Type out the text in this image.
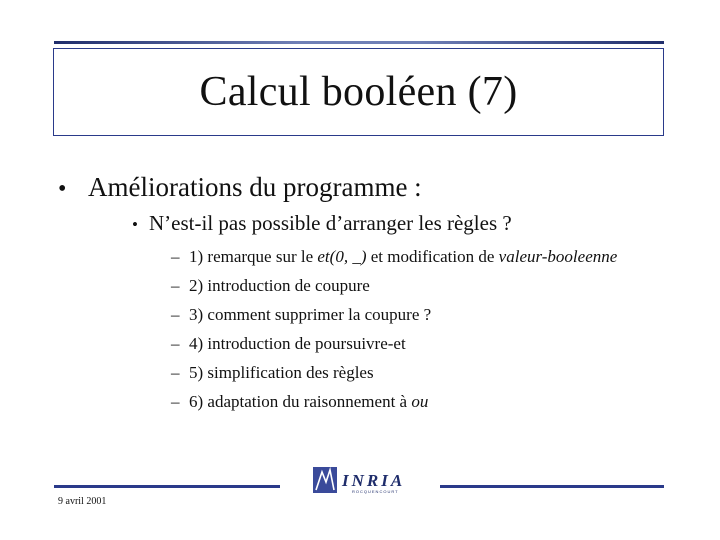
Calcul booléen (7)
• Améliorations du programme :
• N’est-il pas possible d’arranger les règles ?
– 1) remarque sur le et(0, _) et modification de valeur-booleenne
– 2) introduction de coupure
– 3) comment supprimer la coupure ?
– 4) introduction de poursuivre-et
– 5) simplification des règles
– 6) adaptation du raisonnement à ou
INRIA
ROCQUENCOURT
9 avril 2001
